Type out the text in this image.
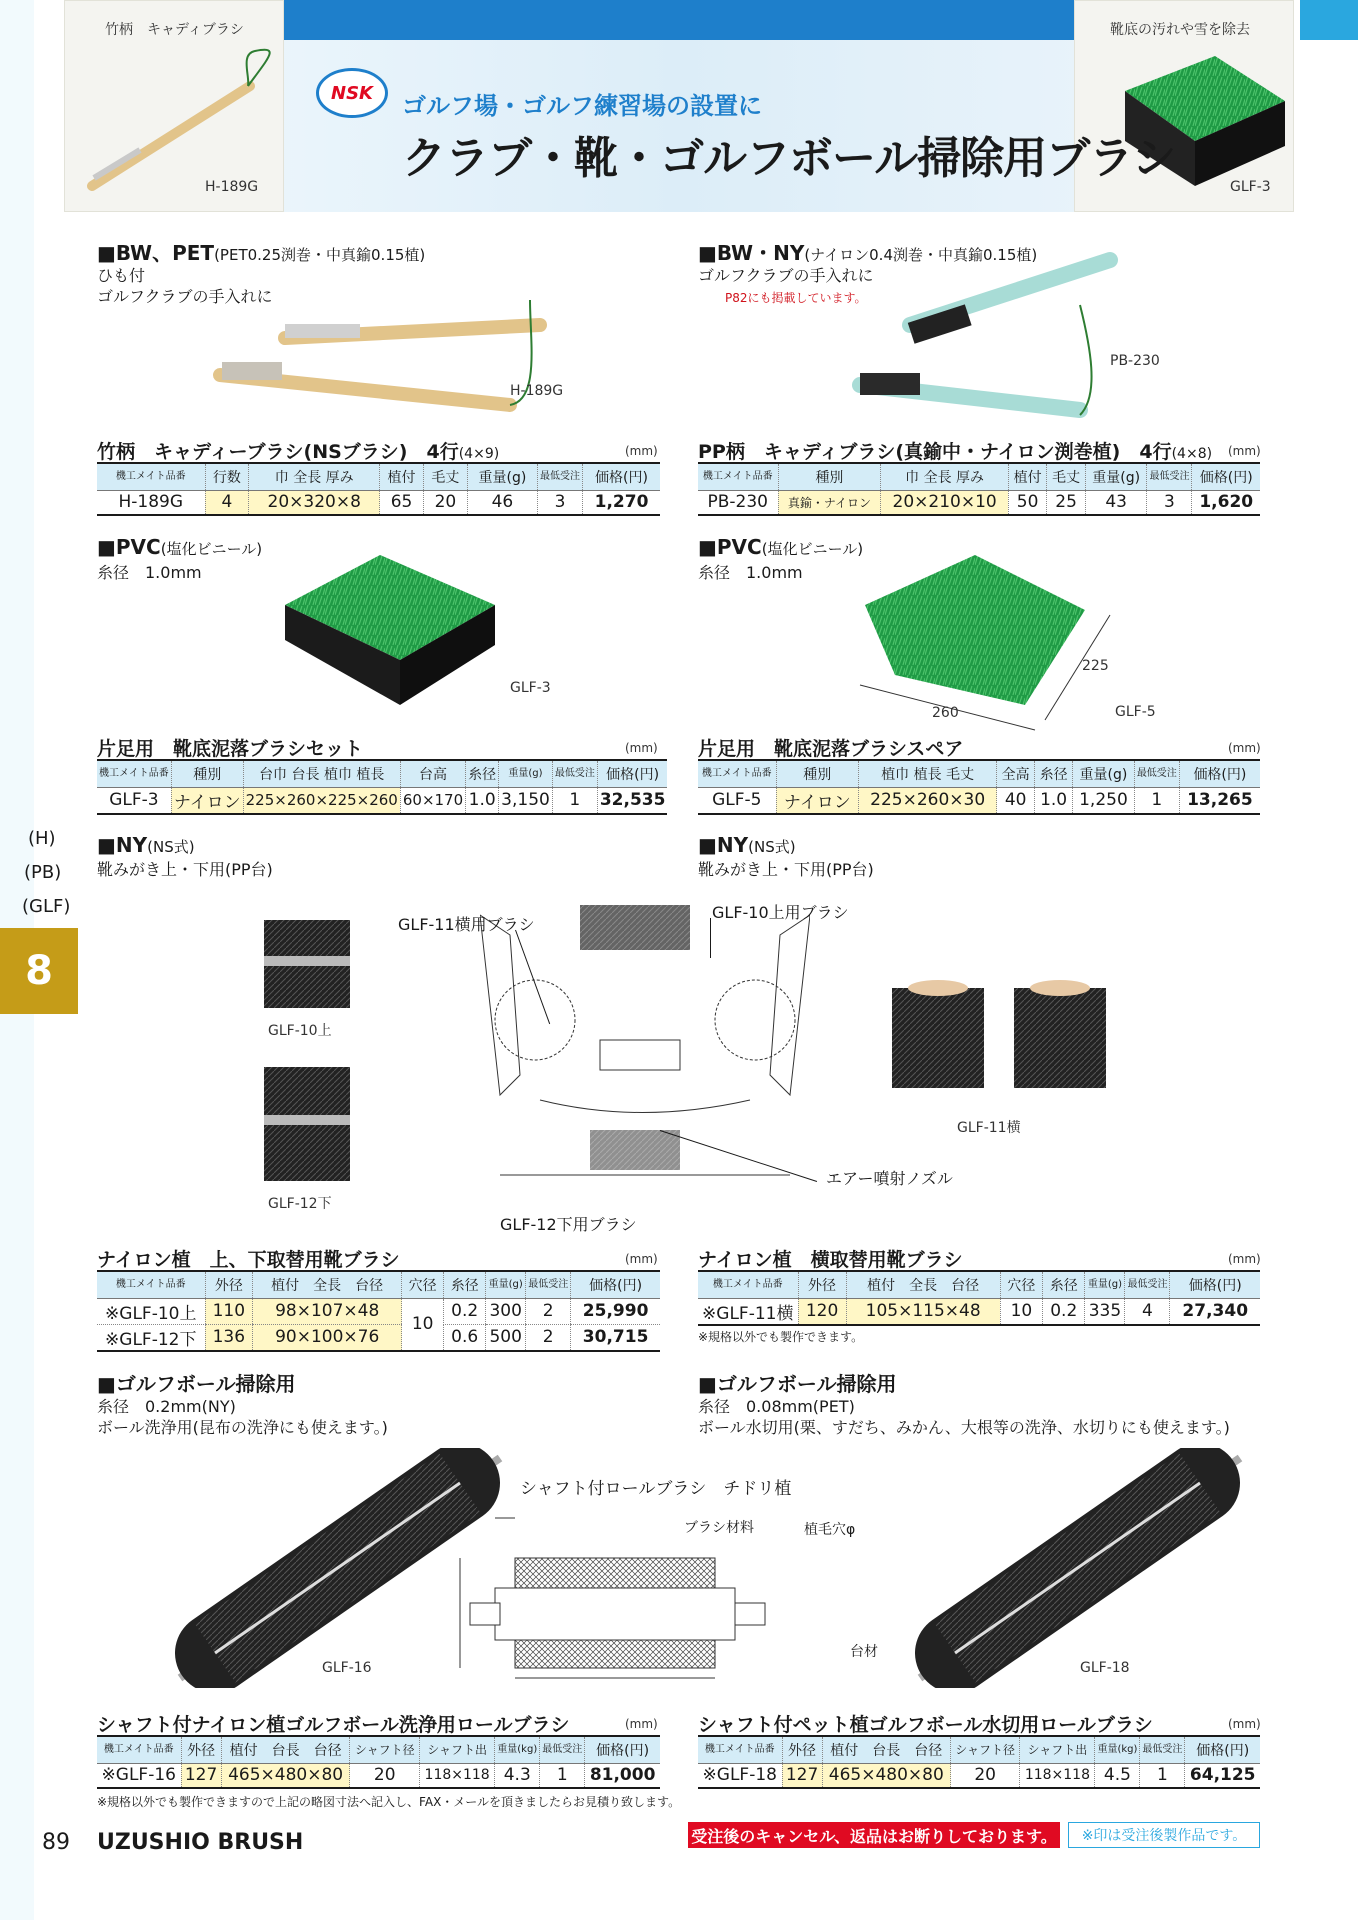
竹柄　キャディブラシ
H-189G
靴底の汚れや雪を除去
GLF-3
NSK ゴルフ場・ゴルフ練習場の設置に
クラブ・靴・ゴルフボール掃除用ブラシ
(H)
(PB)
(GLF)
8
■BW、PET(PET0.25渕巻・中真鍮0.15植)
ひも付
ゴルフクラブの手入れに
H-189G
竹柄　キャディーブラシ(NSブラシ)　4行(4×9)	(mm)
機工メイト品番	行数	巾 全長 厚み	植付	毛丈	重量(g)	最低受注	価格(円)
H-189G	4	20×320×8	65	20	46	3	1,270
■BW・NY(ナイロン0.4渕巻・中真鍮0.15植)
ゴルフクラブの手入れに
P82にも掲載しています。
PB-230
PP柄　キャディブラシ(真鍮中・ナイロン渕巻植)　4行(4×8) (mm)
機工メイト品番	種別	巾 全長 厚み	植付	毛丈	重量(g)	最低受注	価格(円)
PB-230	真鍮・ナイロン	20×210×10	50	25	43	3	1,620
■PVC(塩化ビニール)
糸径　1.0mm
GLF-3
片足用　靴底泥落ブラシセット	(mm)
機工メイト品番	種別	台巾 台長 植巾 植長	台高	糸径	重量(g)	最低受注	価格(円)
GLF-3	ナイロン	225×260×225×260	60×170	1.0	3,150	1	32,535
■PVC(塩化ビニール)
糸径　1.0mm
225
260	GLF-5
片足用　靴底泥落ブラシスペア	(mm)
機工メイト品番	種別	植巾 植長 毛丈	全高	糸径	重量(g)	最低受注	価格(円)
GLF-5	ナイロン	225×260×30	40	1.0	1,250	1	13,265
■NY(NS式)
靴みがき上・下用(PP台)
■NY(NS式)
靴みがき上・下用(PP台)
GLF-10上
GLF-12下
GLF-11横用ブラシ
GLF-10上用ブラシ
エアー噴射ノズル
GLF-12下用ブラシ
GLF-11横
ナイロン植　上、下取替用靴ブラシ	(mm)
機工メイト品番	外径	植付　全長　台径	穴径	糸径	重量(g)	最低受注	価格(円)
※GLF-10上	110	98×107×48	10	0.2	300	2	25,990
※GLF-12下	136	90×100×76		0.6	500	2	30,715
ナイロン植　横取替用靴ブラシ	(mm)
機工メイト品番	外径	植付　全長　台径	穴径	糸径	重量(g)	最低受注	価格(円)
※GLF-11横	120	105×115×48	10	0.2	335	4	27,340
※規格以外でも製作できます。
■ゴルフボール掃除用
糸径　0.2mm(NY)
ボール洗浄用(昆布の洗浄にも使えます。)
■ゴルフボール掃除用
糸径　0.08mm(PET)
ボール水切用(栗、すだち、みかん、大根等の洗浄、水切りにも使えます。)
GLF-16
シャフト付ロールブラシ　チドリ植
ブラシ材料	植毛穴φ
台材
GLF-18
シャフト付ナイロン植ゴルフボール洗浄用ロールブラシ	(mm)
機工メイト品番	外径	植付　台長　台径	シャフト径	シャフト出	重量(kg)	最低受注	価格(円)
※GLF-16	127	465×480×80	20	118×118	4.3	1	81,000
シャフト付ペット植ゴルフボール水切用ロールブラシ	(mm)
機工メイト品番	外径	植付　台長　台径	シャフト径	シャフト出	重量(kg)	最低受注	価格(円)
※GLF-18	127	465×480×80	20	118×118	4.5	1	64,125
※規格以外でも製作できますので上記の略図寸法へ記入し、FAX・メールを頂きましたらお見積り致します。
89 UZUSHIO BRUSH	受注後のキャンセル、返品はお断りしております。	※印は受注後製作品です。
